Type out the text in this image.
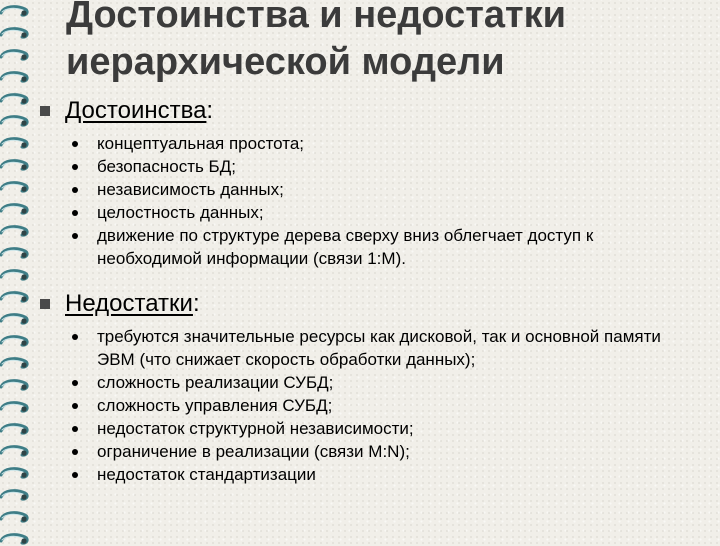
Достоинства и недостатки
иерархической модели
Достоинства:
концептуальная простота;
безопасность БД;
независимость данных;
целостность данных;
движение по структуре дерева сверху вниз облегчает доступ к необходимой информации (связи 1:М).
Недостатки:
требуются значительные ресурсы как дисковой, так и основной памяти ЭВМ (что снижает скорость обработки данных);
сложность реализации СУБД;
сложность управления СУБД;
недостаток структурной независимости;
ограничение в реализации (связи M:N);
недостаток стандартизации
